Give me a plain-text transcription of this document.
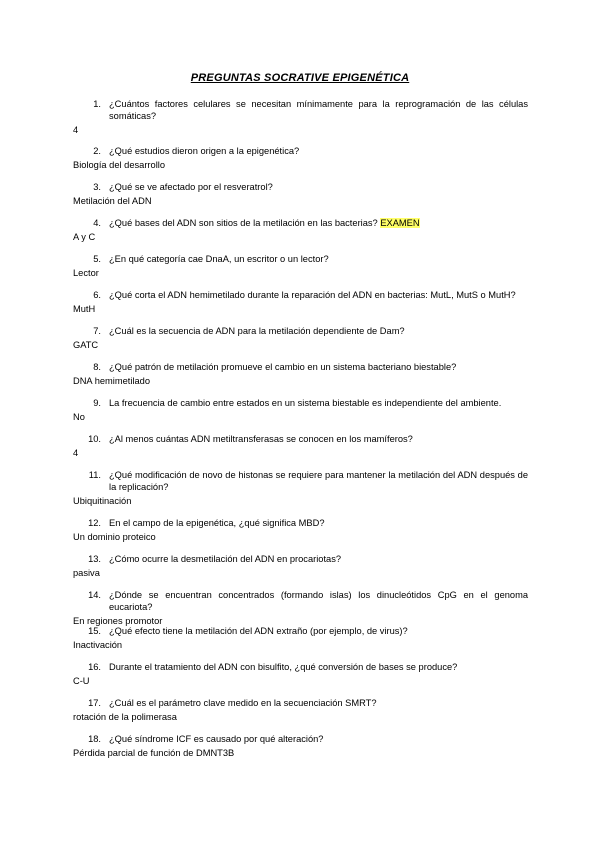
PREGUNTAS SOCRATIVE EPIGENÉTICA
1. ¿Cuántos factores celulares se necesitan mínimamente para la reprogramación de las células somáticas?
4
2. ¿Qué estudios dieron origen a la epigenética?
Biología del desarrollo
3. ¿Qué se ve afectado por el resveratrol?
Metilación del ADN
4. ¿Qué bases del ADN son sitios de la metilación en las bacterias? EXAMEN
A y C
5. ¿En qué categoría cae DnaA, un escritor o un lector?
Lector
6. ¿Qué corta el ADN hemimetilado durante la reparación del ADN en bacterias: MutL, MutS o MutH?
MutH
7. ¿Cuál es la secuencia de ADN para la metilación dependiente de Dam?
GATC
8. ¿Qué patrón de metilación promueve el cambio en un sistema bacteriano biestable?
DNA hemimetilado
9. La frecuencia de cambio entre estados en un sistema biestable es independiente del ambiente.
No
10. ¿Al menos cuántas ADN metiltransferasas se conocen en los mamíferos?
4
11. ¿Qué modificación de novo de histonas se requiere para mantener la metilación del ADN después de la replicación?
Ubiquitinación
12. En el campo de la epigenética, ¿qué significa MBD?
Un dominio proteico
13. ¿Cómo ocurre la desmetilación del ADN en procariotas?
pasiva
14. ¿Dónde se encuentran concentrados (formando islas) los dinucleótidos CpG en el genoma eucariota?
En regiones promotor
15. ¿Qué efecto tiene la metilación del ADN extraño (por ejemplo, de virus)?
Inactivación
16. Durante el tratamiento del ADN con bisulfito, ¿qué conversión de bases se produce?
C-U
17. ¿Cuál es el parámetro clave medido en la secuenciación SMRT?
rotación de la polimerasa
18. ¿Qué síndrome ICF es causado por qué alteración?
Pérdida parcial de función de DMNT3B
